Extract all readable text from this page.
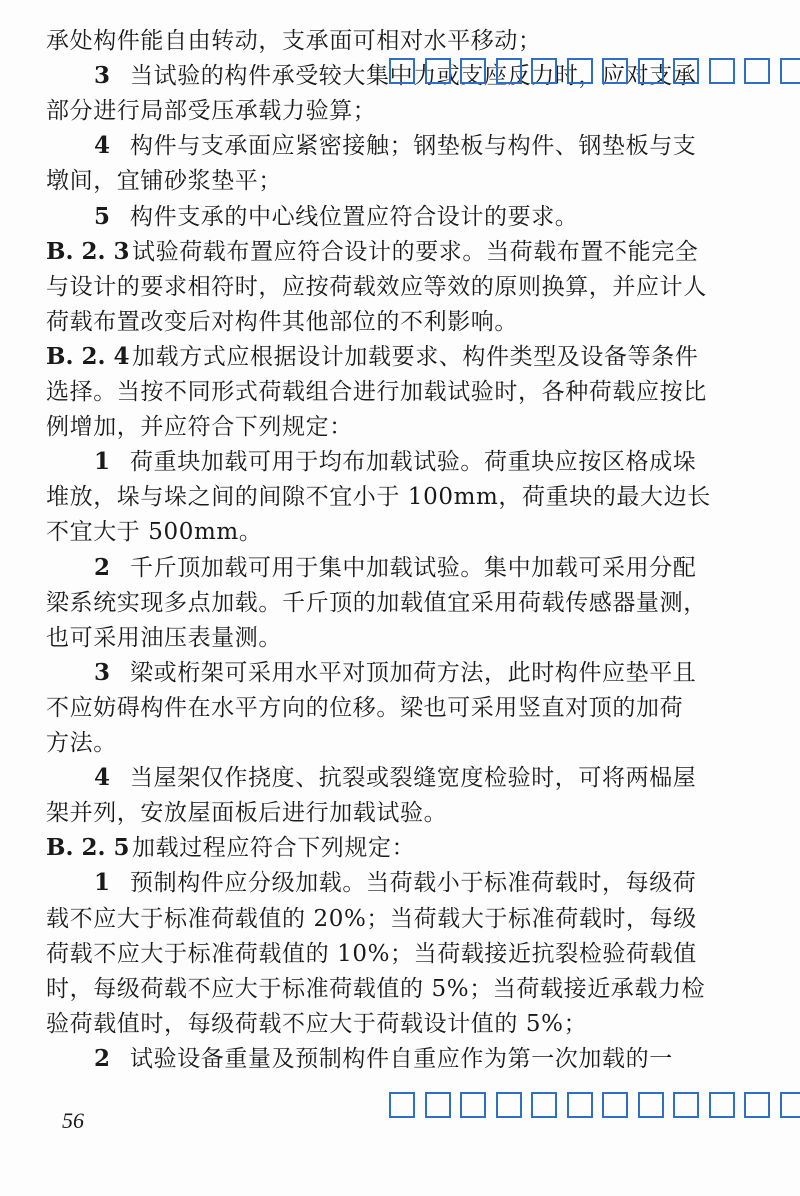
承处构件能自由转动，支承面可相对水平移动；
3 当试验的构件承受较大集中力或支座反力时，应对支承
部分进行局部受压承载力验算；
4 构件与支承面应紧密接触；钢垫板与构件、钢垫板与支
墩间，宜铺砂浆垫平；
5 构件支承的中心线位置应符合设计的要求。
B. 2. 3 试验荷载布置应符合设计的要求。当荷载布置不能完全
与设计的要求相符时，应按荷载效应等效的原则换算，并应计人
荷载布置改变后对构件其他部位的不利影响。
B. 2. 4 加载方式应根据设计加载要求、构件类型及设备等条件
选择。当按不同形式荷载组合进行加载试验时，各种荷载应按比
例增加，并应符合下列规定：
1 荷重块加载可用于均布加载试验。荷重块应按区格成垛
堆放，垛与垛之间的间隙不宜小于 100mm，荷重块的最大边长
不宜大于 500mm。
2 千斤顶加载可用于集中加载试验。集中加载可采用分配
梁系统实现多点加载。千斤顶的加载值宜采用荷载传感器量测，
也可采用油压表量测。
3 梁或桁架可采用水平对顶加荷方法，此时构件应垫平且
不应妨碍构件在水平方向的位移。梁也可采用竖直对顶的加荷
方法。
4 当屋架仅作挠度、抗裂或裂缝宽度检验时，可将两榀屋
架并列，安放屋面板后进行加载试验。
B. 2. 5 加载过程应符合下列规定：
1 预制构件应分级加载。当荷载小于标准荷载时，每级荷
载不应大于标准荷载值的 20%；当荷载大于标准荷载时，每级
荷载不应大于标准荷载值的 10%；当荷载接近抗裂检验荷载值
时，每级荷载不应大于标准荷载值的 5%；当荷载接近承载力检
验荷载值时，每级荷载不应大于荷载设计值的 5%；
2 试验设备重量及预制构件自重应作为第一次加载的一
56
